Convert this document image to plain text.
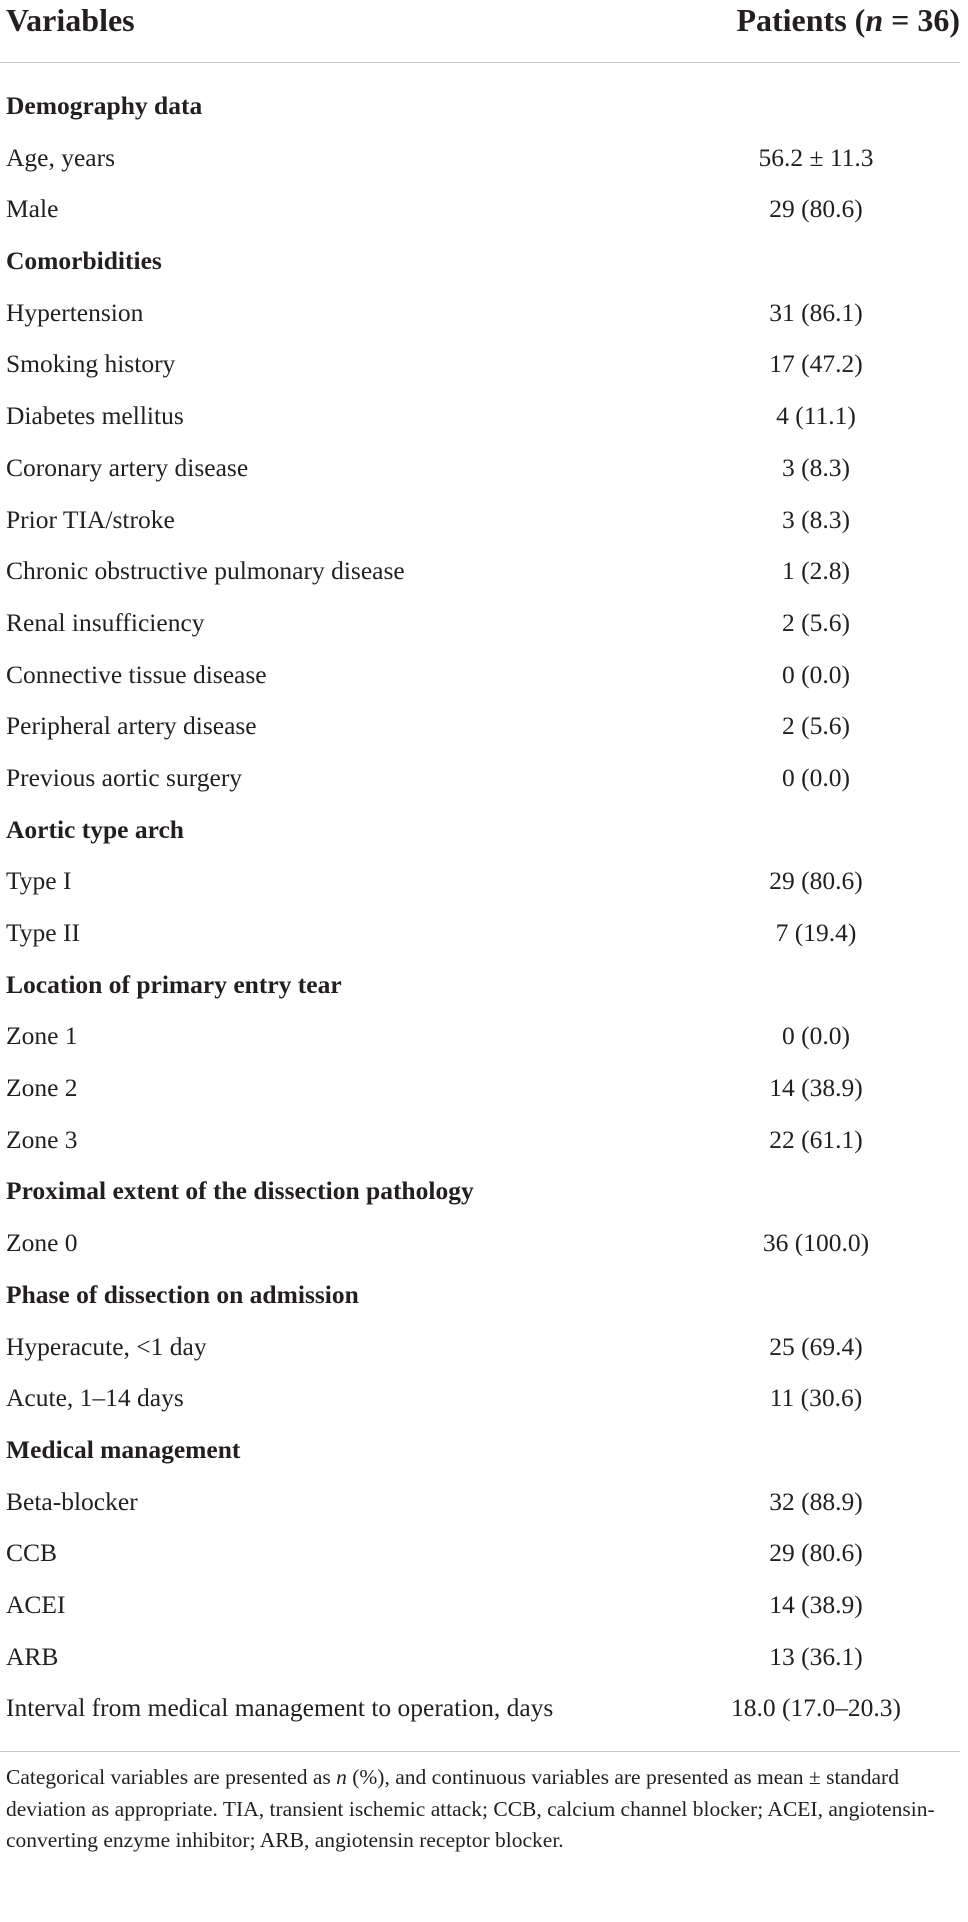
Variables	Patients (n = 36)
Demography data
Age, years	56.2 ± 11.3
Male	29 (80.6)
Comorbidities
Hypertension	31 (86.1)
Smoking history	17 (47.2)
Diabetes mellitus	4 (11.1)
Coronary artery disease	3 (8.3)
Prior TIA/stroke	3 (8.3)
Chronic obstructive pulmonary disease	1 (2.8)
Renal insufficiency	2 (5.6)
Connective tissue disease	0 (0.0)
Peripheral artery disease	2 (5.6)
Previous aortic surgery	0 (0.0)
Aortic type arch
Type I	29 (80.6)
Type II	7 (19.4)
Location of primary entry tear
Zone 1	0 (0.0)
Zone 2	14 (38.9)
Zone 3	22 (61.1)
Proximal extent of the dissection pathology
Zone 0	36 (100.0)
Phase of dissection on admission
Hyperacute, <1 day	25 (69.4)
Acute, 1–14 days	11 (30.6)
Medical management
Beta-blocker	32 (88.9)
CCB	29 (80.6)
ACEI	14 (38.9)
ARB	13 (36.1)
Interval from medical management to operation, days	18.0 (17.0–20.3)
Categorical variables are presented as n (%), and continuous variables are presented as mean ± standard deviation as appropriate. TIA, transient ischemic attack; CCB, calcium channel blocker; ACEI, angiotensin-converting enzyme inhibitor; ARB, angiotensin receptor blocker.
